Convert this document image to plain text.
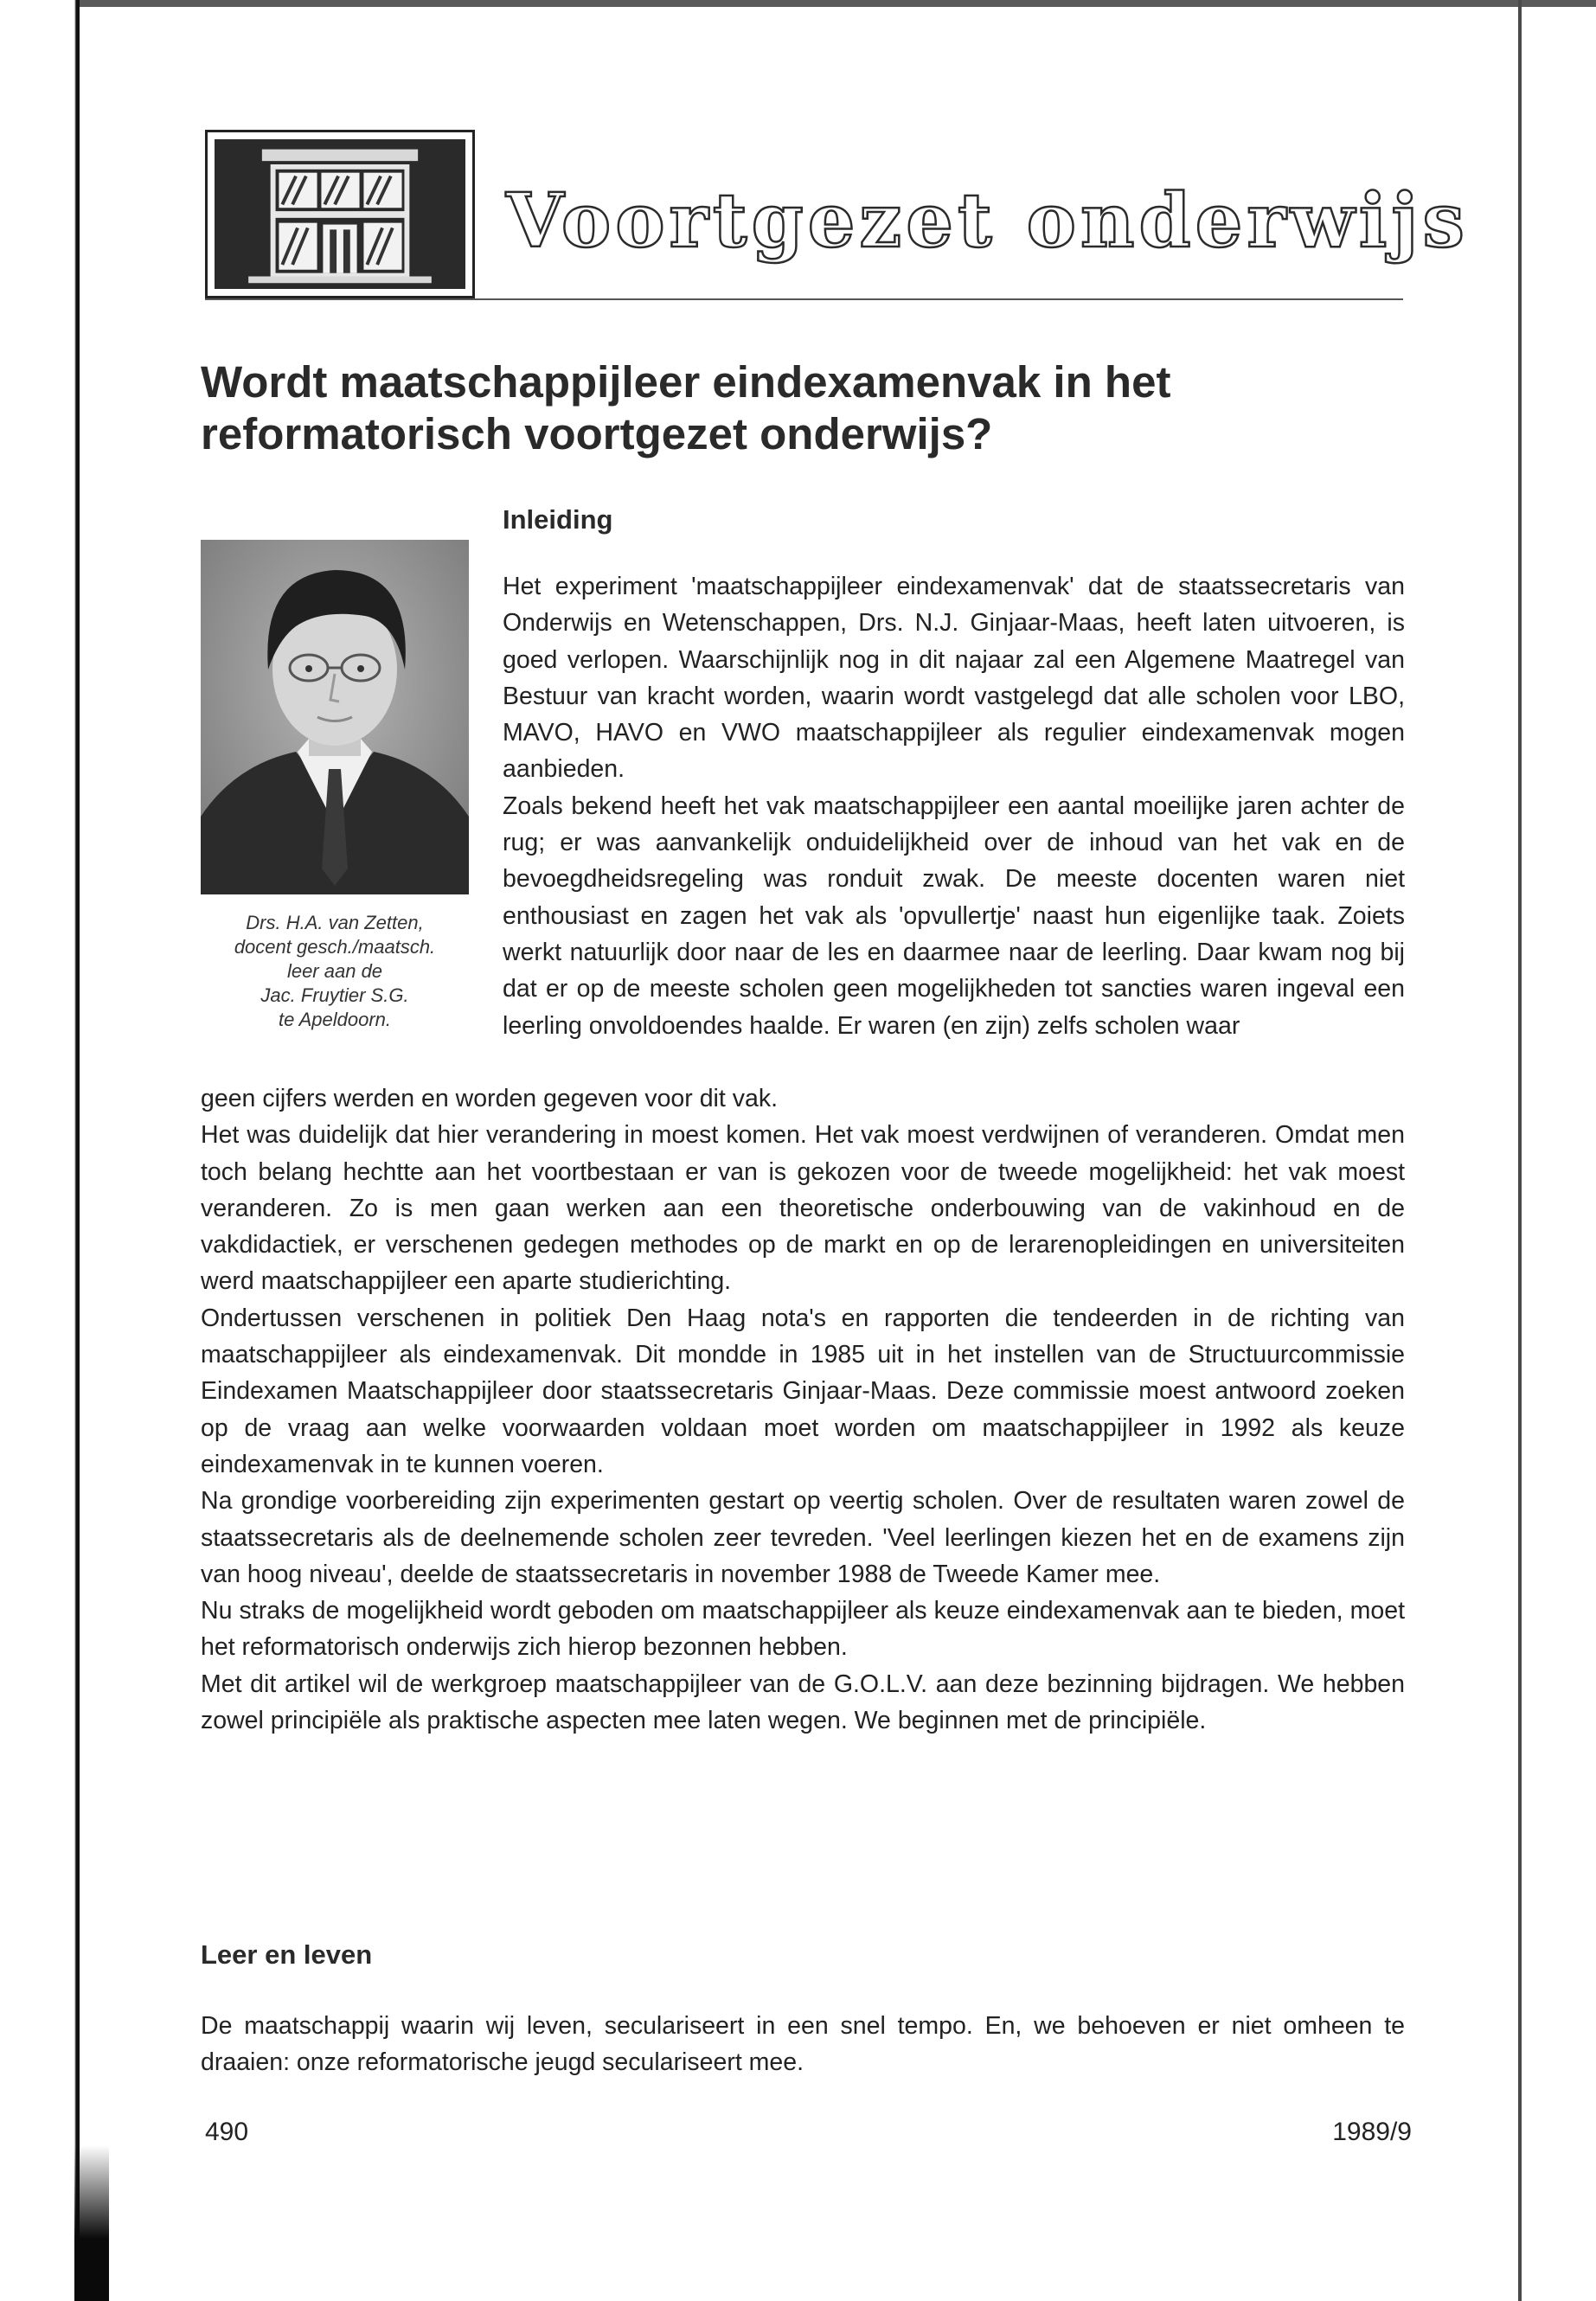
Voortgezet onderwijs
Wordt maatschappijleer eindexamenvak in het reformatorisch voortgezet onderwijs?
Inleiding
Drs. H.A. van Zetten,
docent gesch./maatsch.
leer aan de
Jac. Fruytier S.G.
te Apeldoorn.

Het experiment 'maatschappijleer eindexamenvak' dat de staatssecretaris van Onderwijs en Wetenschappen, Drs. N.J. Ginjaar-Maas, heeft laten uitvoeren, is goed verlopen. Waarschijnlijk nog in dit najaar zal een Algemene Maatregel van Bestuur van kracht worden, waarin wordt vastgelegd dat alle scholen voor LBO, MAVO, HAVO en VWO maatschappijleer als regulier eindexamenvak mogen aanbieden.

Zoals bekend heeft het vak maatschappijleer een aantal moeilijke jaren achter de rug; er was aanvankelijk onduidelijkheid over de inhoud van het vak en de bevoegdheidsregeling was ronduit zwak. De meeste docenten waren niet enthousiast en zagen het vak als 'opvullertje' naast hun eigenlijke taak. Zoiets werkt natuurlijk door naar de les en daarmee naar de leerling. Daar kwam nog bij dat er op de meeste scholen geen mogelijkheden tot sancties waren ingeval een leerling onvoldoendes haalde. Er waren (en zijn) zelfs scholen waar

geen cijfers werden en worden gegeven voor dit vak.

Het was duidelijk dat hier verandering in moest komen. Het vak moest verdwijnen of veranderen. Omdat men toch belang hechtte aan het voortbestaan er van is gekozen voor de tweede mogelijkheid: het vak moest veranderen. Zo is men gaan werken aan een theoretische onderbouwing van de vakinhoud en de vakdidactiek, er verschenen gedegen methodes op de markt en op de lerarenopleidingen en universiteiten werd maatschappijleer een aparte studierichting.

Ondertussen verschenen in politiek Den Haag nota's en rapporten die tendeerden in de richting van maatschappijleer als eindexamenvak. Dit mondde in 1985 uit in het instellen van de Structuurcommissie Eindexamen Maatschappijleer door staatssecretaris Ginjaar-Maas. Deze commissie moest antwoord zoeken op de vraag aan welke voorwaarden voldaan moet worden om maatschappijleer in 1992 als keuze eindexamenvak in te kunnen voeren.

Na grondige voorbereiding zijn experimenten gestart op veertig scholen. Over de resultaten waren zowel de staatssecretaris als de deelnemende scholen zeer tevreden. 'Veel leerlingen kiezen het en de examens zijn van hoog niveau', deelde de staatssecretaris in november 1988 de Tweede Kamer mee.

Nu straks de mogelijkheid wordt geboden om maatschappijleer als keuze eindexamenvak aan te bieden, moet het reformatorisch onderwijs zich hierop bezonnen hebben.

Met dit artikel wil de werkgroep maatschappijleer van de G.O.L.V. aan deze bezinning bijdragen. We hebben zowel principiële als praktische aspecten mee laten wegen. We beginnen met de principiële.

Leer en leven

De maatschappij waarin wij leven, seculariseert in een snel tempo. En, we behoeven er niet omheen te draaien: onze reformatorische jeugd seculariseert mee.

490	1989/9
